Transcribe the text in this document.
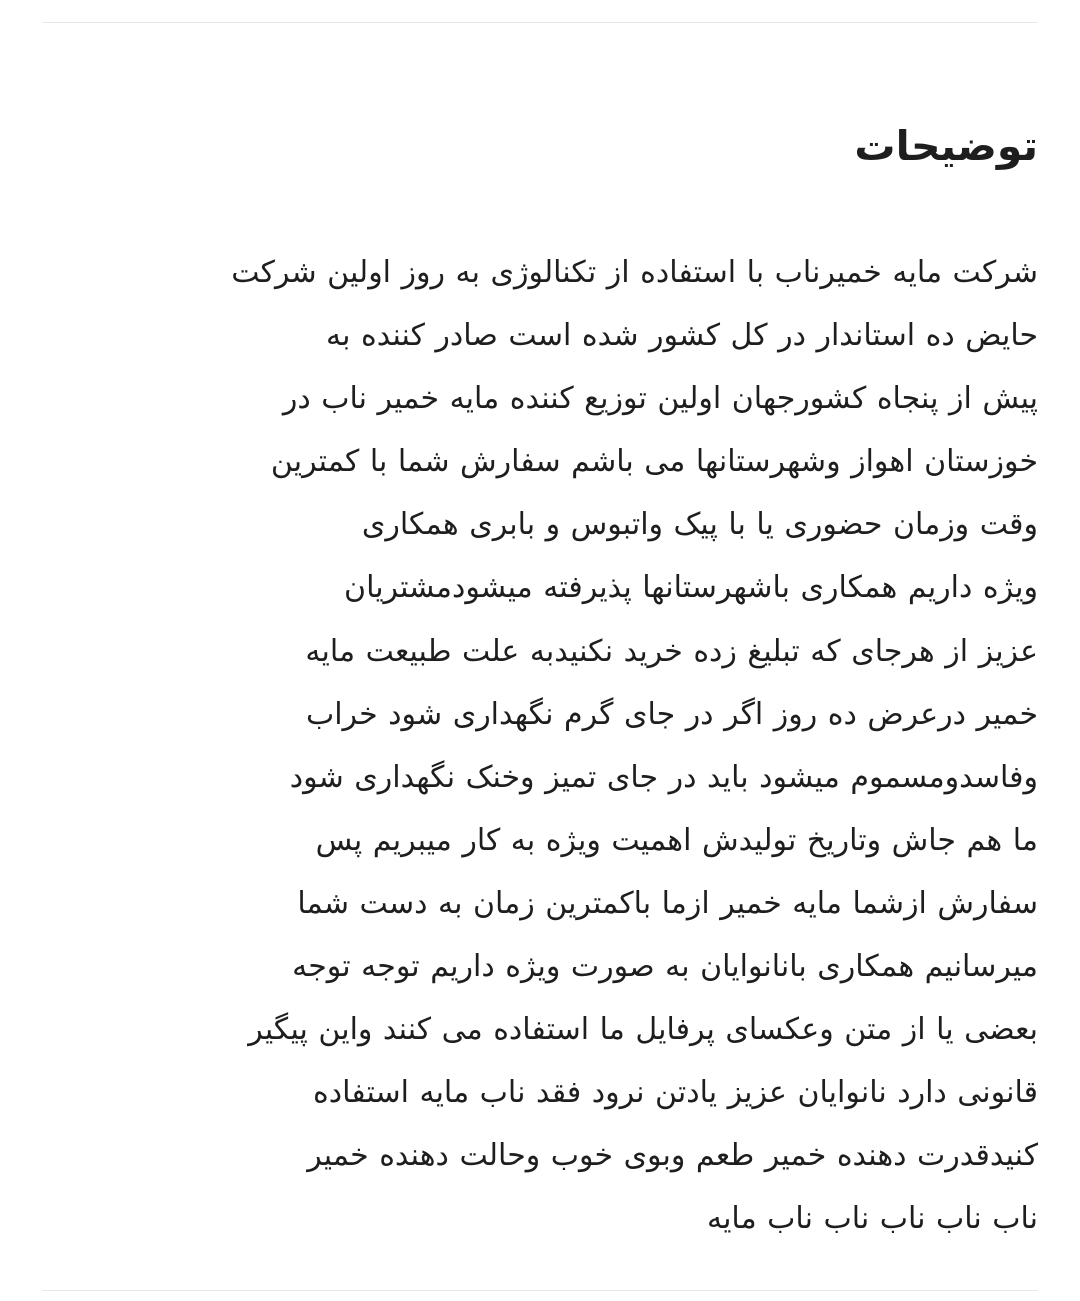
توضیحات

شرکت مایه خمیرناب با استفاده از تکنالوژی به روز اولین شرکت
حایض ده استاندار در کل کشور شده است صادر کننده به
پیش از پنجاه کشورجهان اولین توزیع کننده مایه خمیر ناب در
خوزستان اهواز وشهرستانها می باشم سفارش شما با کمترین
وقت وزمان حضوری یا با پیک واتبوس و بابری همکاری
ویژه داریم همکاری باشهرستانها پذیرفته میشودمشتریان
عزیز از هرجای که تبلیغ زده خرید نکنیدبه علت طبیعت مایه
خمیر درعرض ده روز اگر در جای گرم نگهداری شود خراب
وفاسدومسموم میشود باید در جای تمیز وخنک نگهداری شود
ما هم جاش وتاریخ تولیدش اهمیت ویژه به کار میبریم پس
سفارش ازشما مایه خمیر ازما باکمترین زمان به دست شما
میرسانیم همکاری بانانوایان به صورت ویژه داریم توجه توجه
بعضی یا از متن وعکسای پرفایل ما استفاده می کنند واین پیگیر
قانونی دارد نانوایان عزیز یادتن نرود فقد ناب مایه استفاده
کنیدقدرت دهنده خمیر طعم وبوی خوب وحالت دهنده خمیر
ناب ناب ناب ناب ناب مایه
